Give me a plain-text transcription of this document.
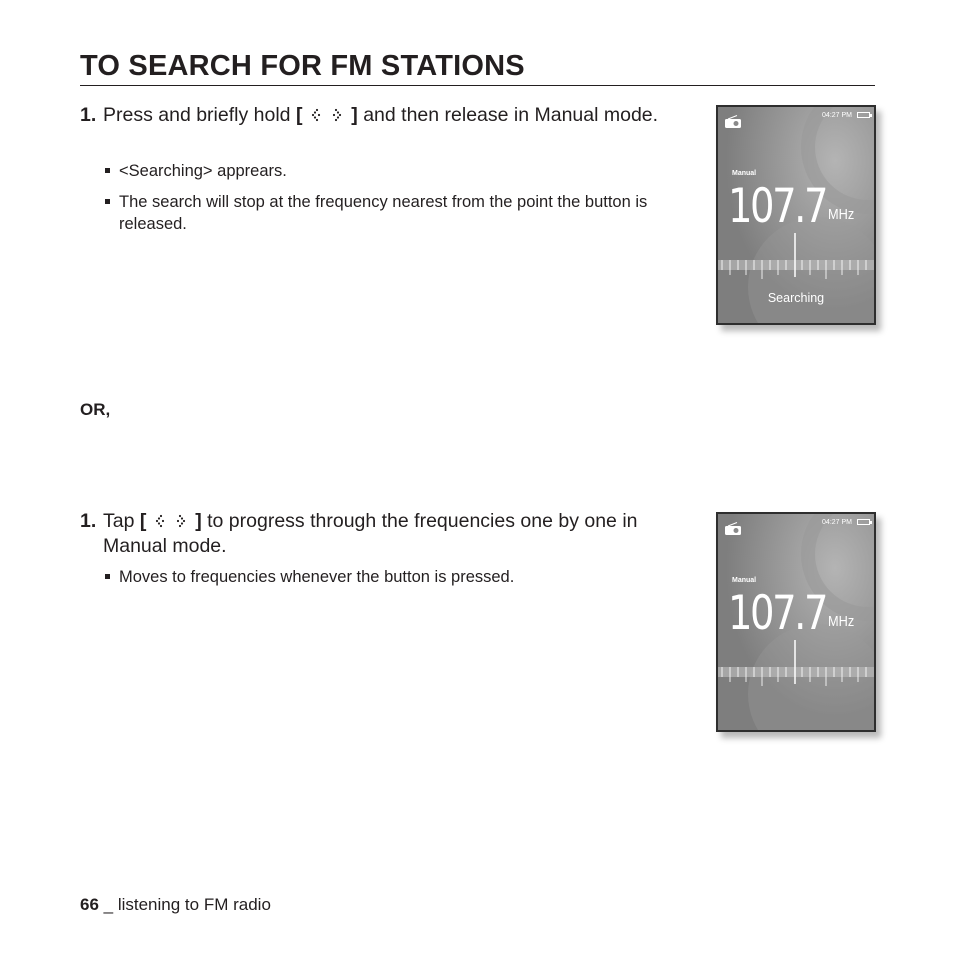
TO SEARCH FOR FM STATIONS
1. Press and briefly hold [	] and then release in Manual mode.
<Searching> apprears.
The search will stop at the frequency nearest from the point the button is released.
04:27 PM
Manual
107.7 MHz
Searching
OR,
1. Tap [	] to progress through the frequencies one by one in Manual mode.
Moves to frequencies whenever the button is pressed.
04:27 PM
Manual
107.7 MHz
66 _ listening to FM radio
